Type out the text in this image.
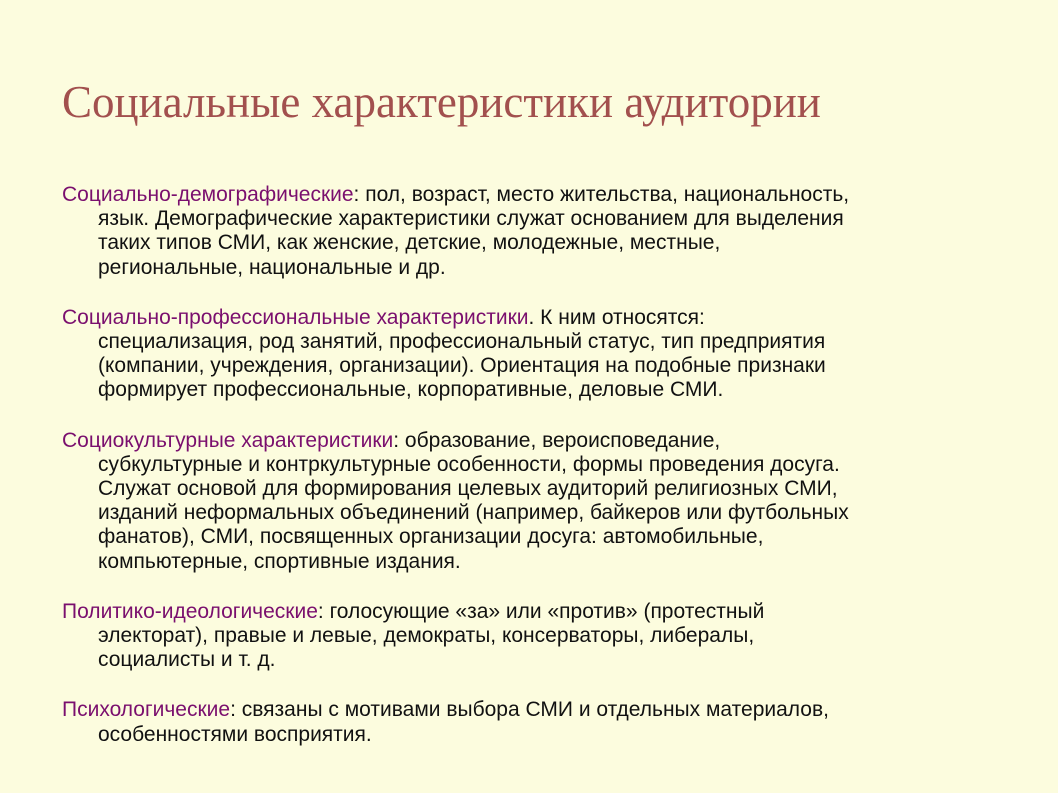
Социальные характеристики аудитории

Социально-демографические: пол, возраст, место жительства, национальность,
язык. Демографические характеристики служат основанием для выделения
таких типов СМИ, как женские, детские, молодежные, местные,
региональные, национальные и др.

Социально-профессиональные характеристики. К ним относятся:
специализация, род занятий, профессиональный статус, тип предприятия
(компании, учреждения, организации). Ориентация на подобные признаки
формирует профессиональные, корпоративные, деловые СМИ.

Социокультурные характеристики: образование, вероисповедание,
субкультурные и контркультурные особенности, формы проведения досуга.
Служат основой для формирования целевых аудиторий религиозных СМИ,
изданий неформальных объединений (например, байкеров или футбольных
фанатов), СМИ, посвященных организации досуга: автомобильные,
компьютерные, спортивные издания.

Политико-идеологические: голосующие «за» или «против» (протестный
электорат), правые и левые, демократы, консерваторы, либералы,
социалисты и т. д.

Психологические: связаны с мотивами выбора СМИ и отдельных материалов,
особенностями восприятия.
